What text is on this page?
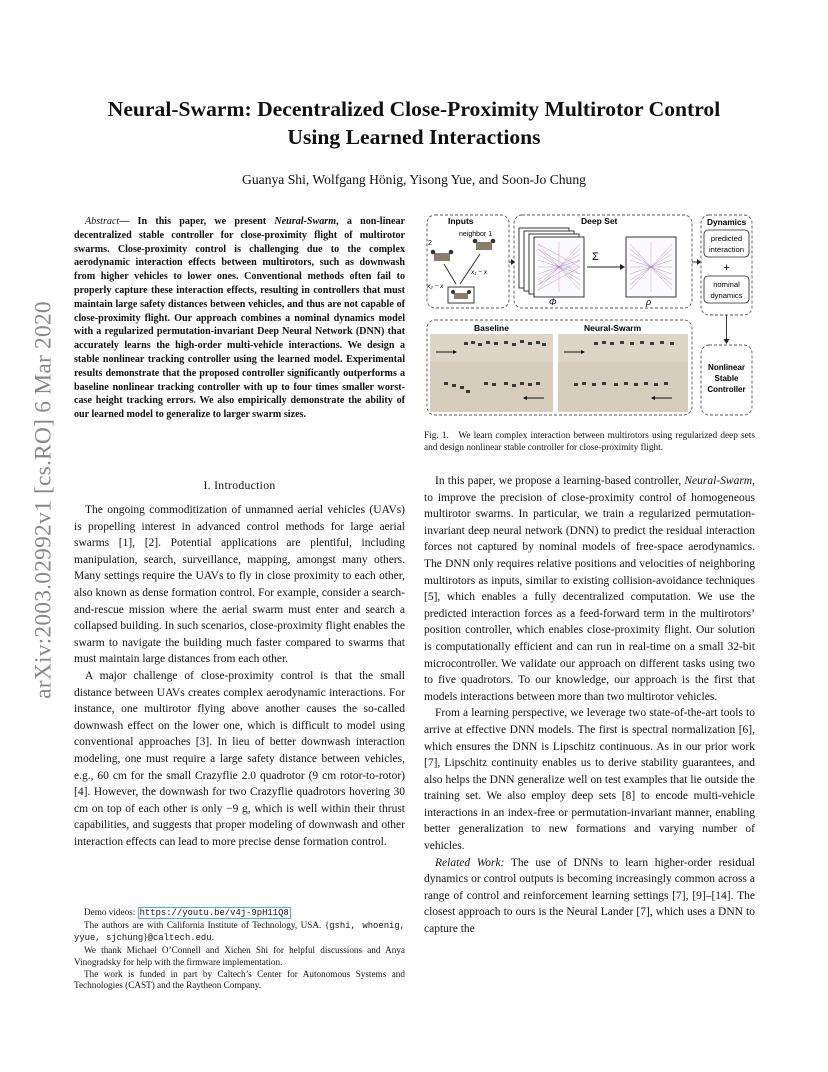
arXiv:2003.02992v1 [cs.RO] 6 Mar 2020
Neural-Swarm: Decentralized Close-Proximity Multirotor Control
Using Learned Interactions
Guanya Shi, Wolfgang Hönig, Yisong Yue, and Soon-Jo Chung
Abstract— In this paper, we present Neural-Swarm, a non-linear decentralized stable controller for close-proximity flight of multirotor swarms. Close-proximity control is challenging due to the complex aerodynamic interaction effects between multirotors, such as downwash from higher vehicles to lower ones. Conventional methods often fail to properly capture these interaction effects, resulting in controllers that must maintain large safety distances between vehicles, and thus are not capable of close-proximity flight. Our approach combines a nominal dynamics model with a regularized permutation-invariant Deep Neural Network (DNN) that accurately learns the high-order multi-vehicle interactions. We design a stable nonlinear tracking controller using the learned model. Experimental results demonstrate that the proposed controller significantly outperforms a baseline nonlinear tracking controller with up to four times smaller worst-case height tracking errors. We also empirically demonstrate the ability of our learned model to generalize to larger swarm sizes.
I. Introduction

The ongoing commoditization of unmanned aerial vehicles (UAVs) is propelling interest in advanced control methods for large aerial swarms [1], [2]. Potential applications are plentiful, including manipulation, search, surveillance, mapping, amongst many others. Many settings require the UAVs to fly in close proximity to each other, also known as dense formation control. For example, consider a search-and-rescue mission where the aerial swarm must enter and search a collapsed building. In such scenarios, close-proximity flight enables the swarm to navigate the building much faster compared to swarms that must maintain large distances from each other.

A major challenge of close-proximity control is that the small distance between UAVs creates complex aerodynamic interactions. For instance, one multirotor flying above another causes the so-called downwash effect on the lower one, which is difficult to model using conventional approaches [3]. In lieu of better downwash interaction modeling, one must require a large safety distance between vehicles, e.g., 60 cm for the small Crazyflie 2.0 quadrotor (9 cm rotor-to-rotor) [4]. However, the downwash for two Crazyflie quadrotors hovering 30 cm on top of each other is only −9 g, which is well within their thrust capabilities, and suggests that proper modeling of downwash and other interaction effects can lead to more precise dense formation control.

Demo videos: https://youtu.be/v4j-9pH11Q8

The authors are with California Institute of Technology, USA. {gshi, whoenig, yyue, sjchung}@caltech.edu.

We thank Michael O’Connell and Xichen Shi for helpful discussions and Anya Vinogradsky for help with the firmware implementation.

The work is funded in part by Caltech’s Center for Autonomous Systems and Technologies (CAST) and the Raytheon Company.

Inputs
neighbor 1
2
x₁ − x
x₂ − x
Deep Set
Φ
Σ
ρ
Dynamics
predicted
interaction
+
nominal
dynamics
Nonlinear
Stable
Controller
Baseline	Neural-Swarm
Fig. 1. We learn complex interaction between multirotors using regularized deep sets and design nonlinear stable controller for close-proximity flight.

In this paper, we propose a learning-based controller, Neural-Swarm, to improve the precision of close-proximity control of homogeneous multirotor swarms. In particular, we train a regularized permutation-invariant deep neural network (DNN) to predict the residual interaction forces not captured by nominal models of free-space aerodynamics. The DNN only requires relative positions and velocities of neighboring multirotors as inputs, similar to existing collision-avoidance techniques [5], which enables a fully decentralized computation. We use the predicted interaction forces as a feed-forward term in the multirotors’ position controller, which enables close-proximity flight. Our solution is computationally efficient and can run in real-time on a small 32-bit microcontroller. We validate our approach on different tasks using two to five quadrotors. To our knowledge, our approach is the first that models interactions between more than two multirotor vehicles.

From a learning perspective, we leverage two state-of-the-art tools to arrive at effective DNN models. The first is spectral normalization [6], which ensures the DNN is Lipschitz continuous. As in our prior work [7], Lipschitz continuity enables us to derive stability guarantees, and also helps the DNN generalize well on test examples that lie outside the training set. We also employ deep sets [8] to encode multi-vehicle interactions in an index-free or permutation-invariant manner, enabling better generalization to new formations and varying number of vehicles.

Related Work: The use of DNNs to learn higher-order residual dynamics or control outputs is becoming increasingly common across a range of control and reinforcement learning settings [7], [9]–[14]. The closest approach to ours is the Neural Lander [7], which uses a DNN to capture the
